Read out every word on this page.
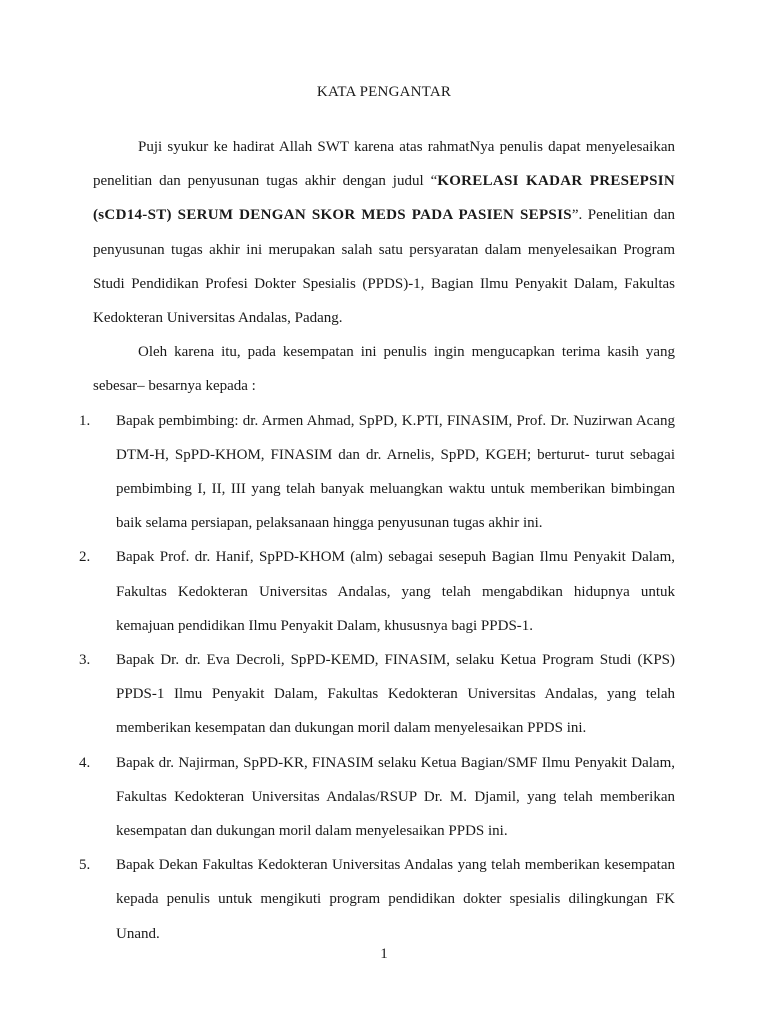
KATA PENGANTAR

Puji syukur ke hadirat Allah SWT karena atas rahmatNya penulis dapat menyelesaikan penelitian dan penyusunan tugas akhir dengan judul “KORELASI KADAR PRESEPSIN (sCD14-ST) SERUM DENGAN SKOR MEDS PADA PASIEN SEPSIS”. Penelitian dan penyusunan tugas akhir ini merupakan salah satu persyaratan dalam menyelesaikan Program Studi Pendidikan Profesi Dokter Spesialis (PPDS)-1, Bagian Ilmu Penyakit Dalam, Fakultas Kedokteran Universitas Andalas, Padang.

Oleh karena itu, pada kesempatan ini penulis ingin mengucapkan terima kasih yang sebesar– besarnya kepada :

1. Bapak pembimbing: dr. Armen Ahmad, SpPD, K.PTI, FINASIM, Prof. Dr. Nuzirwan Acang DTM-H, SpPD-KHOM, FINASIM dan dr. Arnelis, SpPD, KGEH; berturut- turut sebagai pembimbing I, II, III yang telah banyak meluangkan waktu untuk memberikan bimbingan baik selama persiapan, pelaksanaan hingga penyusunan tugas akhir ini.
2. Bapak Prof. dr. Hanif, SpPD-KHOM (alm) sebagai sesepuh Bagian Ilmu Penyakit Dalam, Fakultas Kedokteran Universitas Andalas, yang telah mengabdikan hidupnya untuk kemajuan pendidikan Ilmu Penyakit Dalam, khususnya bagi PPDS-1.
3. Bapak Dr. dr. Eva Decroli, SpPD-KEMD, FINASIM, selaku Ketua Program Studi (KPS) PPDS-1 Ilmu Penyakit Dalam, Fakultas Kedokteran Universitas Andalas, yang telah memberikan kesempatan dan dukungan moril dalam menyelesaikan PPDS ini.
4. Bapak dr. Najirman, SpPD-KR, FINASIM selaku Ketua Bagian/SMF Ilmu Penyakit Dalam, Fakultas Kedokteran Universitas Andalas/RSUP Dr. M. Djamil, yang telah memberikan kesempatan dan dukungan moril dalam menyelesaikan PPDS ini.
5. Bapak Dekan Fakultas Kedokteran Universitas Andalas yang telah memberikan kesempatan kepada penulis untuk mengikuti program pendidikan dokter spesialis dilingkungan FK Unand.
1
